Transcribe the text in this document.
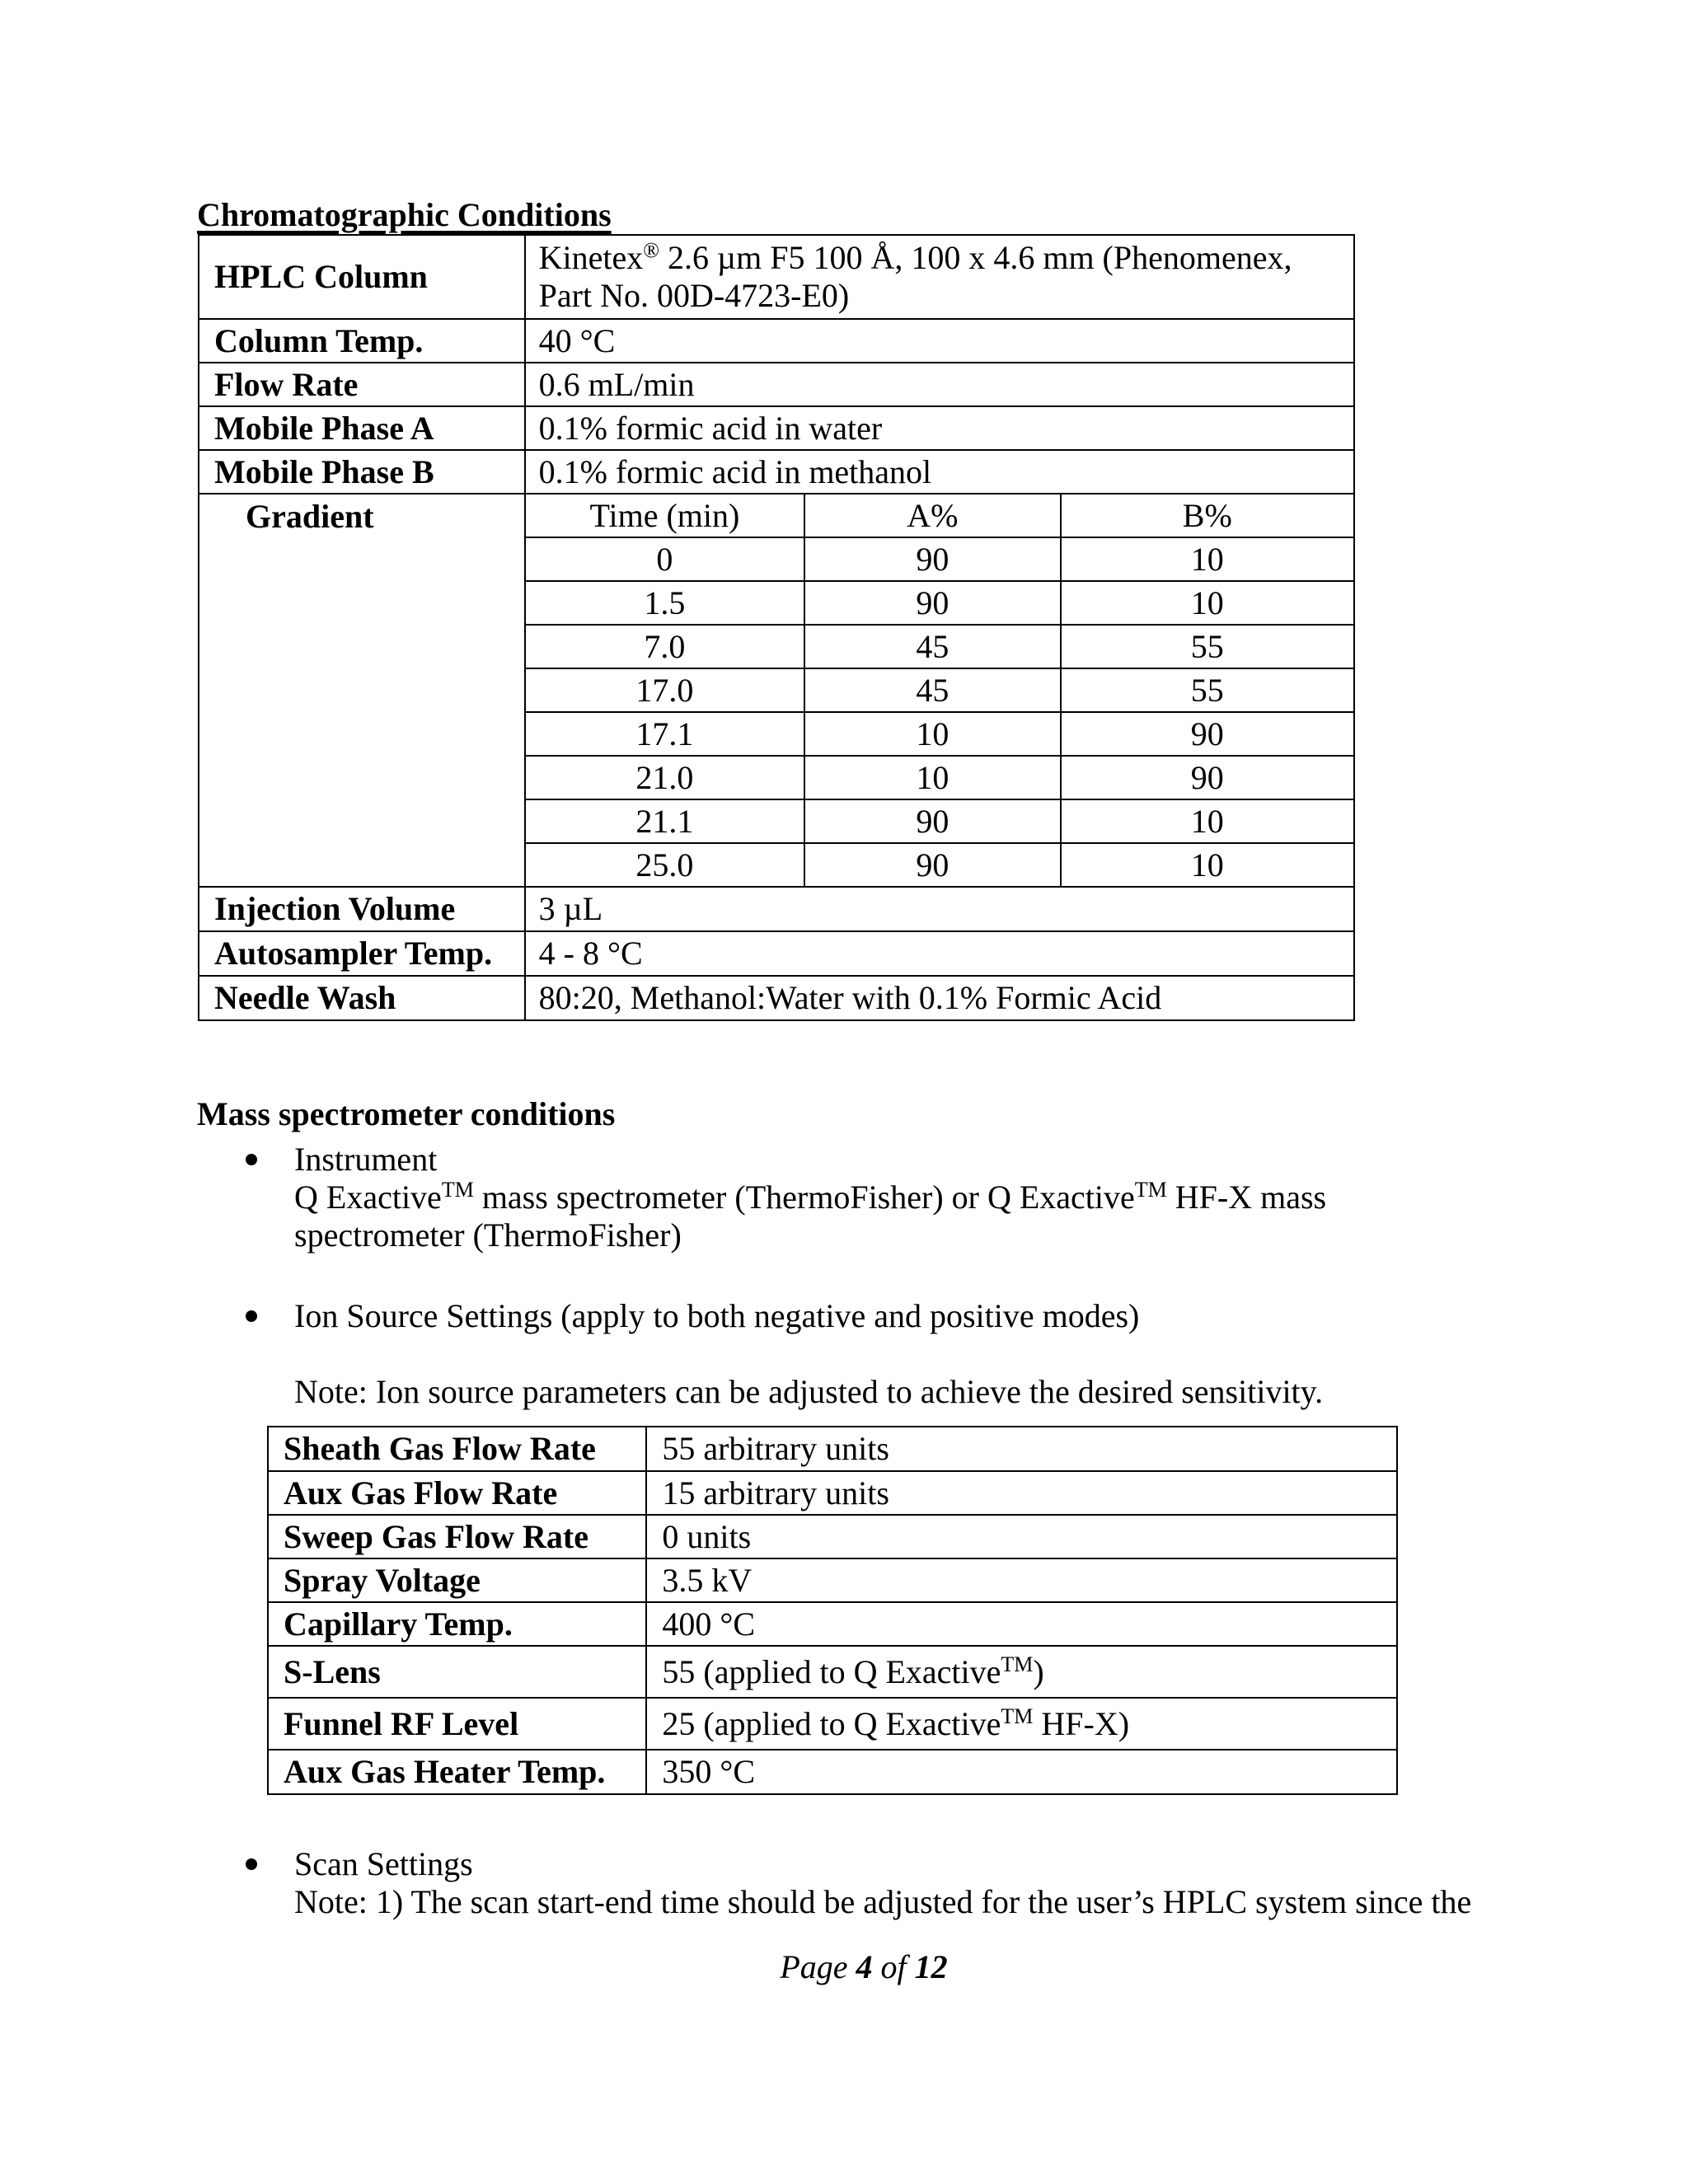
Chromatographic Conditions
HPLC Column	Kinetex® 2.6 µm F5 100 Å, 100 x 4.6 mm (Phenomenex,
Part No. 00D-4723-E0)		
Column Temp.	40 °C		
Flow Rate	0.6 mL/min		
Mobile Phase A	0.1% formic acid in water		
Mobile Phase B	0.1% formic acid in methanol		
Gradient	Time (min)	A%	B%
	0	90	10
	1.5	90	10
	7.0	45	55
	17.0	45	55
	17.1	10	90
	21.0	10	90
	21.1	90	10
	25.0	90	10
Injection Volume	3 µL		
Autosampler Temp.	4 - 8 °C		
Needle Wash	80:20, Methanol:Water with 0.1% Formic Acid		
Mass spectrometer conditions
Instrument
Q Exactive™ mass spectrometer (ThermoFisher) or Q Exactive™ HF-X mass
spectrometer (ThermoFisher)
Ion Source Settings (apply to both negative and positive modes)
Note: Ion source parameters can be adjusted to achieve the desired sensitivity.
Sheath Gas Flow Rate	55 arbitrary units
Aux Gas Flow Rate	15 arbitrary units
Sweep Gas Flow Rate	0 units
Spray Voltage	3.5 kV
Capillary Temp.	400 °C
S-Lens	55 (applied to Q Exactive™)
Funnel RF Level	25 (applied to Q Exactive™ HF-X)
Aux Gas Heater Temp.	350 °C
Scan Settings
Note: 1) The scan start-end time should be adjusted for the user’s HPLC system since the
Page 4 of 12
